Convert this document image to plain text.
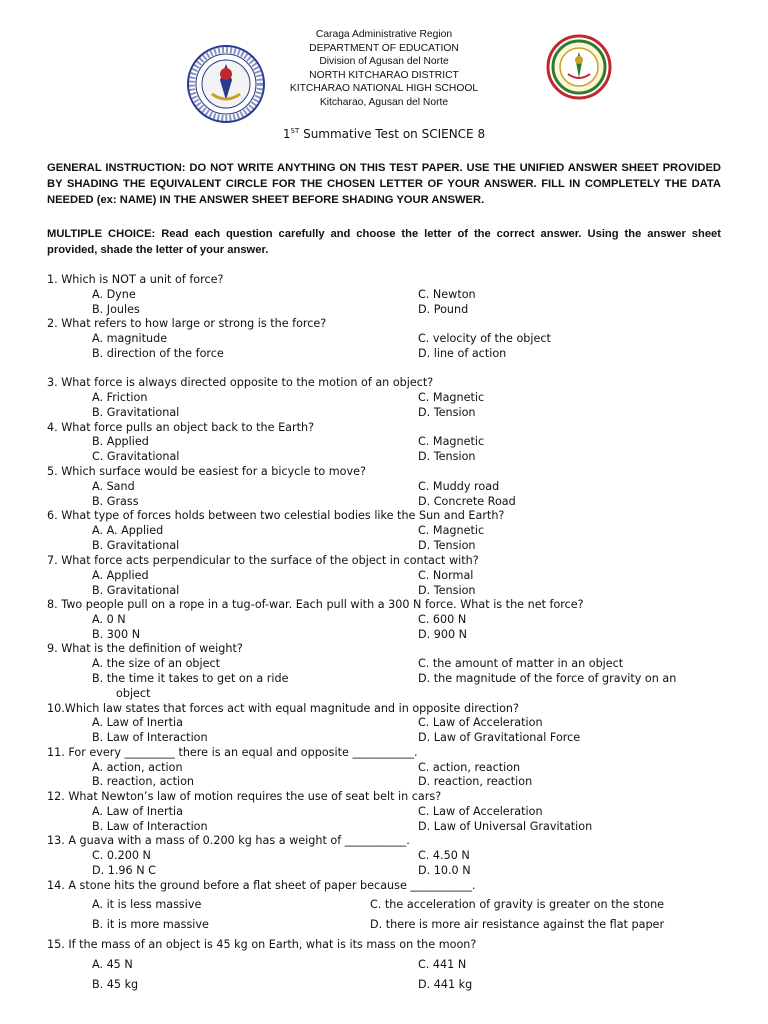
Caraga Administrative Region
DEPARTMENT OF EDUCATION
Division of Agusan del Norte
NORTH KITCHARAO DISTRICT
KITCHARAO NATIONAL HIGH SCHOOL
Kitcharao, Agusan del Norte
1ST Summative Test on SCIENCE 8
GENERAL INSTRUCTION: DO NOT WRITE ANYTHING ON THIS TEST PAPER. USE THE UNIFIED ANSWER SHEET PROVIDED BY SHADING THE EQUIVALENT CIRCLE FOR THE CHOSEN LETTER OF YOUR ANSWER. FILL IN COMPLETELY THE DATA NEEDED (ex: NAME) IN THE ANSWER SHEET BEFORE SHADING YOUR ANSWER.
MULTIPLE CHOICE: Read each question carefully and choose the letter of the correct answer. Using the answer sheet provided, shade the letter of your answer.
1. Which is NOT a unit of force?
A. Dyne	C. Newton
B. Joules	D. Pound
2. What refers to how large or strong is the force?
A. magnitude	C. velocity of the object
B. direction of the force	D. line of action
3. What force is always directed opposite to the motion of an object?
A. Friction	C. Magnetic
B. Gravitational	D. Tension
4. What force pulls an object back to the Earth?
B. Applied	C. Magnetic
C. Gravitational	D. Tension
5. Which surface would be easiest for a bicycle to move?
A. Sand	C. Muddy road
B. Grass	D. Concrete Road
6. What type of forces holds between two celestial bodies like the Sun and Earth?
A. A. Applied	C. Magnetic
B. Gravitational	D. Tension
7. What force acts perpendicular to the surface of the object in contact with?
A. Applied	C. Normal
B. Gravitational	D. Tension
8. Two people pull on a rope in a tug-of-war. Each pull with a 300 N force. What is the net force?
A. 0 N	C. 600 N
B. 300 N	D. 900 N
9. What is the definition of weight?
A. the size of an object	C. the amount of matter in an object
B. the time it takes to get on a ride	D. the magnitude of the force of gravity on an
object
10.Which law states that forces act with equal magnitude and in opposite direction?
A. Law of Inertia	C. Law of Acceleration
B. Law of Interaction	D. Law of Gravitational Force
11. For every _________ there is an equal and opposite ___________.
A. action, action	C. action, reaction
B. reaction, action	D. reaction, reaction
12. What Newton’s law of motion requires the use of seat belt in cars?
A. Law of Inertia	C. Law of Acceleration
B. Law of Interaction	D. Law of Universal Gravitation
13. A guava with a mass of 0.200 kg has a weight of ___________.
C. 0.200 N	C. 4.50 N
D. 1.96 N C	D. 10.0 N
14. A stone hits the ground before a flat sheet of paper because ___________.
A. it is less massive	C. the acceleration of gravity is greater on the stone
B. it is more massive	D. there is more air resistance against the flat paper
15. If the mass of an object is 45 kg on Earth, what is its mass on the moon?
A. 45 N	C. 441 N
B. 45 kg	D. 441 kg
